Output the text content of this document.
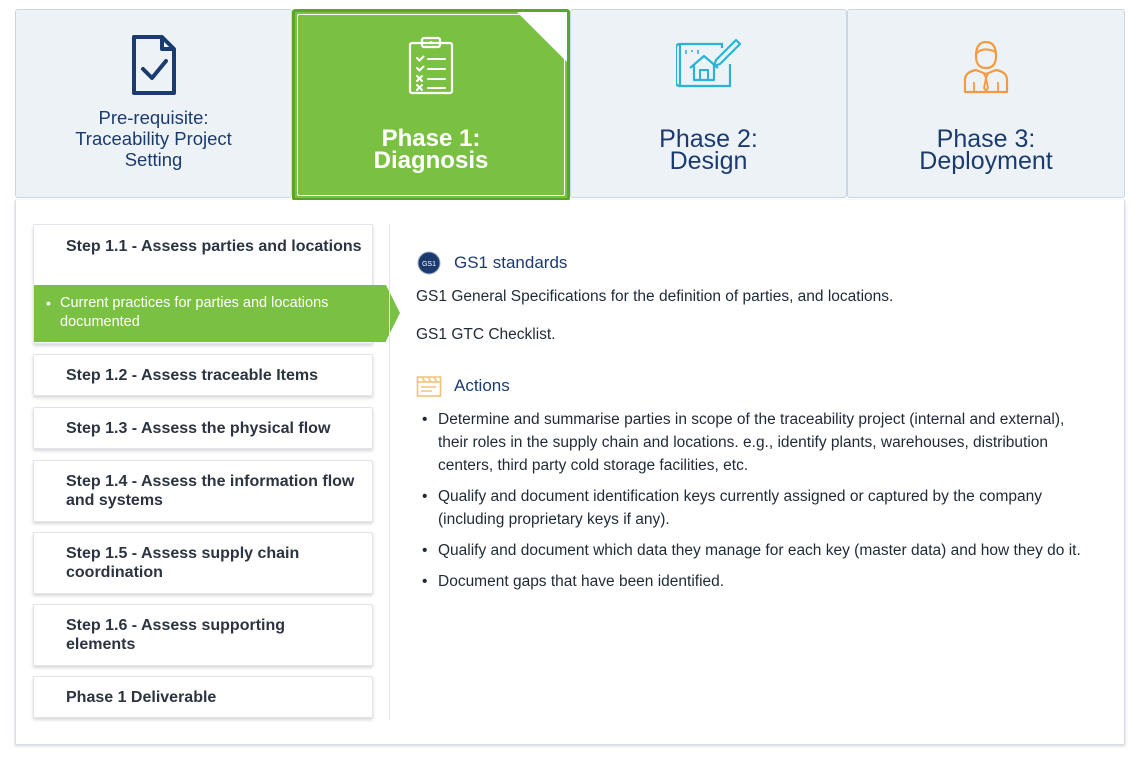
Pre-requisite:
Traceability Project
Setting
Phase 1:
Diagnosis
Phase 2:
Design
Phase 3:
Deployment
Step 1.1 - Assess parties and locations
• Current practices for parties and locations documented
•
Step 1.2 - Assess traceable Items
Step 1.3 - Assess the physical flow
Step 1.4 - Assess the information flow and systems
Step 1.5 - Assess supply chain coordination
Step 1.6 - Assess supporting elements
Phase 1 Deliverable
GS1 GS1 standards
GS1 General Specifications for the definition of parties, and locations.
GS1 GTC Checklist.
Actions
• Determine and summarise parties in scope of the traceability project (internal and external), their roles in the supply chain and locations. e.g., identify plants, warehouses, distribution centers, third party cold storage facilities, etc.
• Qualify and document identification keys currently assigned or captured by the company (including proprietary keys if any).
• Qualify and document which data they manage for each key (master data) and how they do it.
• Document gaps that have been identified.
